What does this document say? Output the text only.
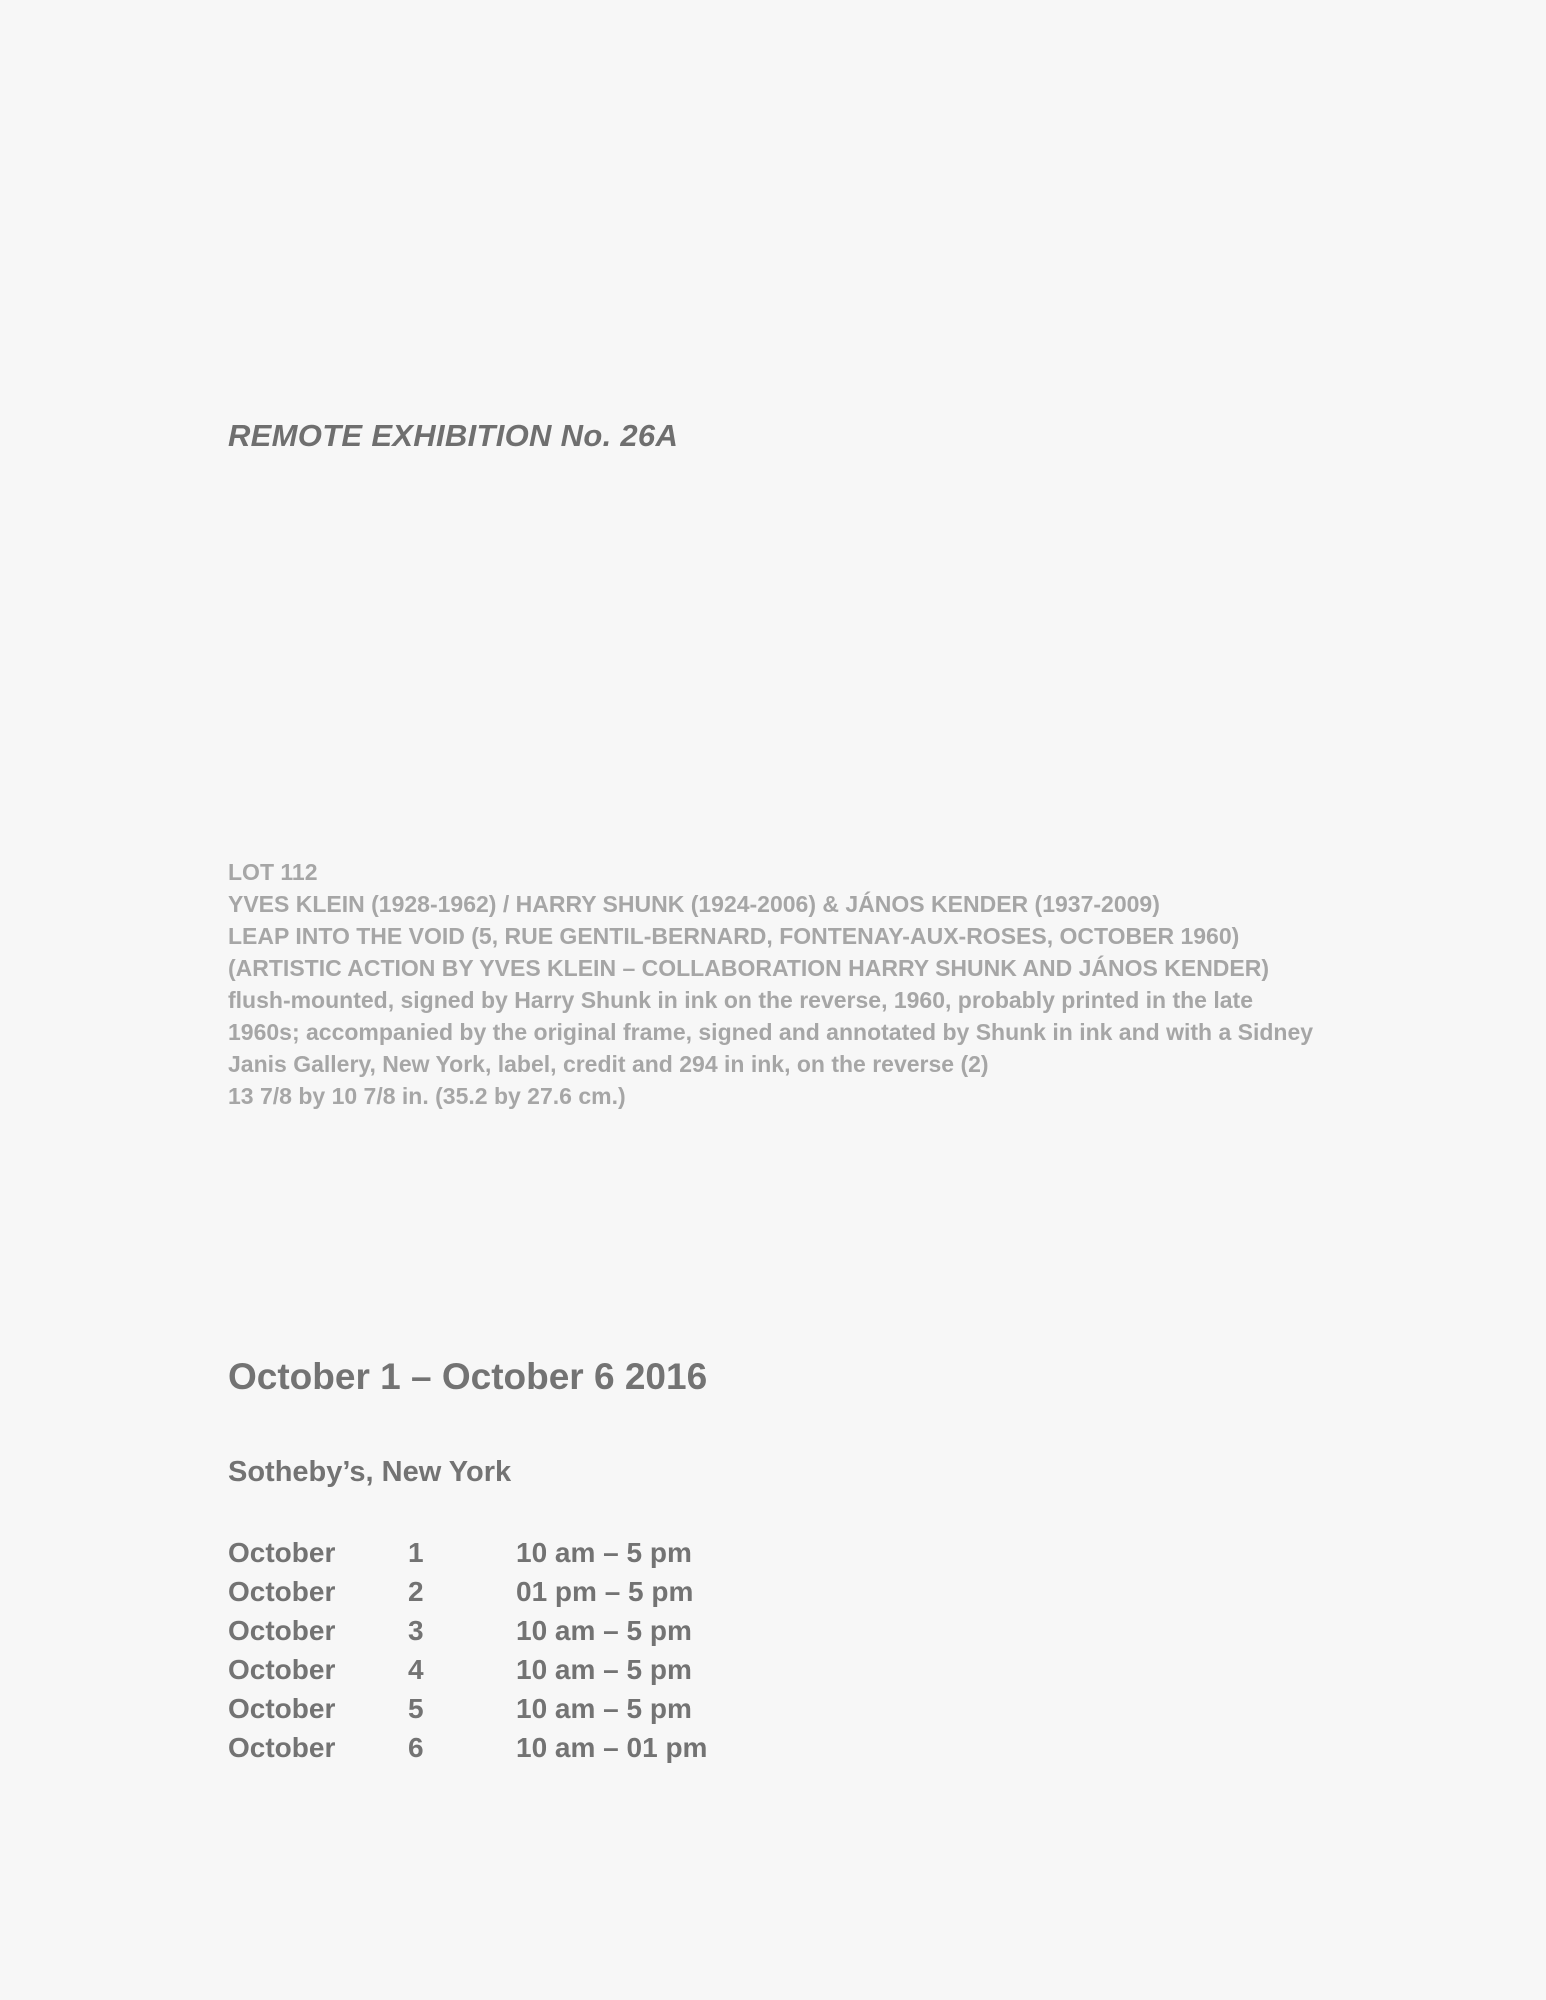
REMOTE EXHIBITION No. 26A
LOT 112
YVES KLEIN (1928-1962) / HARRY SHUNK (1924-2006) & JÁNOS KENDER (1937-2009)
LEAP INTO THE VOID (5, RUE GENTIL-BERNARD, FONTENAY-AUX-ROSES, OCTOBER 1960)
(ARTISTIC ACTION BY YVES KLEIN – COLLABORATION HARRY SHUNK AND JÁNOS KENDER)
flush-mounted, signed by Harry Shunk in ink on the reverse, 1960, probably printed in the late 1960s; accompanied by the original frame, signed and annotated by Shunk in ink and with a Sidney Janis Gallery, New York, label, credit and 294 in ink, on the reverse (2)
13 7/8 by 10 7/8 in. (35.2 by 27.6 cm.)
October 1 – October 6 2016
Sotheby’s, New York
October	1	10 am – 5 pm
October	2	01 pm – 5 pm
October	3	10 am – 5 pm
October	4	10 am – 5 pm
October	5	10 am – 5 pm
October	6	10 am – 01 pm
